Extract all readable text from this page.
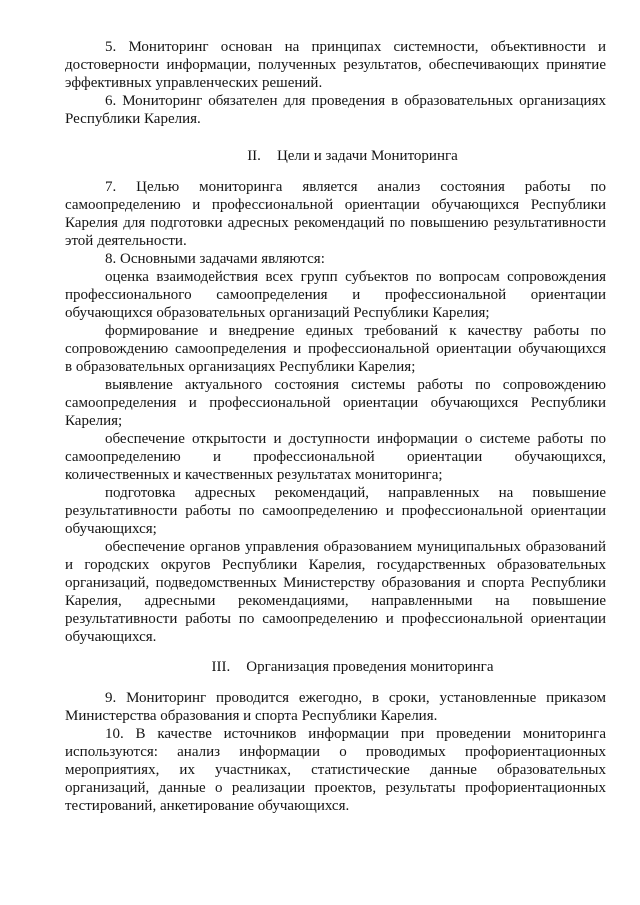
5. Мониторинг основан на принципах системности, объективности и
достоверности информации, полученных результатов, обеспечивающих принятие
эффективных управленческих решений.
6. Мониторинг обязателен для проведения в образовательных организациях
Республики Карелия.
II. Цели и задачи Мониторинга
7. Целью мониторинга является анализ состояния работы по
самоопределению и профессиональной ориентации обучающихся Республики
Карелия для подготовки адресных рекомендаций по повышению результативности
этой деятельности.
8. Основными задачами являются:
оценка взаимодействия всех групп субъектов по вопросам сопровождения
профессионального самоопределения и профессиональной ориентации
обучающихся образовательных организаций Республики Карелия;
формирование и внедрение единых требований к качеству работы по
сопровождению самоопределения и профессиональной ориентации обучающихся
в образовательных организациях Республики Карелия;
выявление актуального состояния системы работы по сопровождению
самоопределения и профессиональной ориентации обучающихся Республики
Карелия;
обеспечение открытости и доступности информации о системе работы по
самоопределению и профессиональной ориентации обучающихся,
количественных и качественных результатах мониторинга;
подготовка адресных рекомендаций, направленных на повышение
результативности работы по самоопределению и профессиональной ориентации
обучающихся;
обеспечение органов управления образованием муниципальных образований
и городских округов Республики Карелия, государственных образовательных
организаций, подведомственных Министерству образования и спорта Республики
Карелия, адресными рекомендациями, направленными на повышение
результативности работы по самоопределению и профессиональной ориентации
обучающихся.
III. Организация проведения мониторинга
9. Мониторинг проводится ежегодно, в сроки, установленные приказом
Министерства образования и спорта Республики Карелия.
10. В качестве источников информации при проведении мониторинга
используются: анализ информации о проводимых профориентационных
мероприятиях, их участниках, статистические данные образовательных
организаций, данные о реализации проектов, результаты профориентационных
тестирований, анкетирование обучающихся.
